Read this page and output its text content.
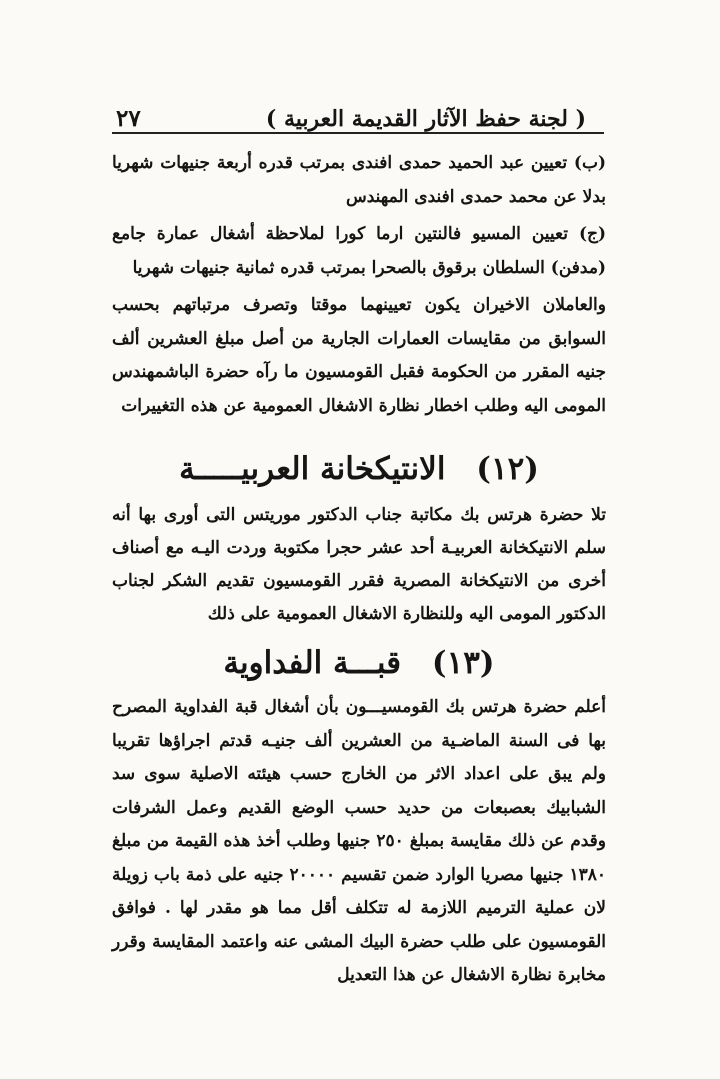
( لجنة حفظ الآثار القديمة العربية )
٢٧

(ب) تعيين عبد الحميد حمدى افندى بمرتب قدره أربعة جنيهات شهريا بدلا عن محمد حمدى افندى المهندس

(ج) تعيين المسيو فالنتين ارما كورا لملاحظة أشغال عمارة جامع (مدفن) السلطان برقوق بالصحرا بمرتب قدره ثمانية جنيهات شهريا

والعاملان الاخيران يكون تعيينهما موقتا وتصرف مرتباتهم بحسب السوابق من مقايسات العمارات الجارية من أصل مبلغ العشرين ألف جنيه المقرر من الحكومة فقبل القومسيون ما رآه حضرة الباشمهندس المومى اليه وطلب اخطار نظارة الاشغال العمومية عن هذه التغييرات

(١٢) الانتيكخانة العربيـــــة

تلا حضرة هرتس بك مكاتبة جناب الدكتور موريتس التى أورى بها أنه سلم الانتيكخانة العربيـة أحد عشر حجرا مكتوبة وردت اليـه مع أصناف أخرى من الانتيكخانة المصرية فقرر القومسيون تقديم الشكر لجناب الدكتور المومى اليه وللنظارة الاشغال العمومية على ذلك

(١٣) قبـــة الفداوية

أعلم حضرة هرتس بك القومسيـــون بأن أشغال قبة الفداوية المصرح بها فى السنة الماضـية من العشرين ألف جنيـه قدتم اجراؤها تقريبا ولم يبق على اعداد الاثر من الخارج حسب هيئته الاصلية سوى سد الشبابيك بعصبعات من حديد حسب الوضع القديم وعمل الشرفات وقدم عن ذلك مقايسة بمبلغ ٢٥٠ جنيها وطلب أخذ هذه القيمة من مبلغ ١٣٨٠ جنيها مصريا الوارد ضمن تقسيم ٢٠٠٠٠ جنيه على ذمة باب زويلة لان عملية الترميم اللازمة له تتكلف أقل مما هو مقدر لها . فوافق القومسيون على طلب حضرة البيك المشى عنه واعتمد المقايسة وقرر مخابرة نظارة الاشغال عن هذا التعديل
